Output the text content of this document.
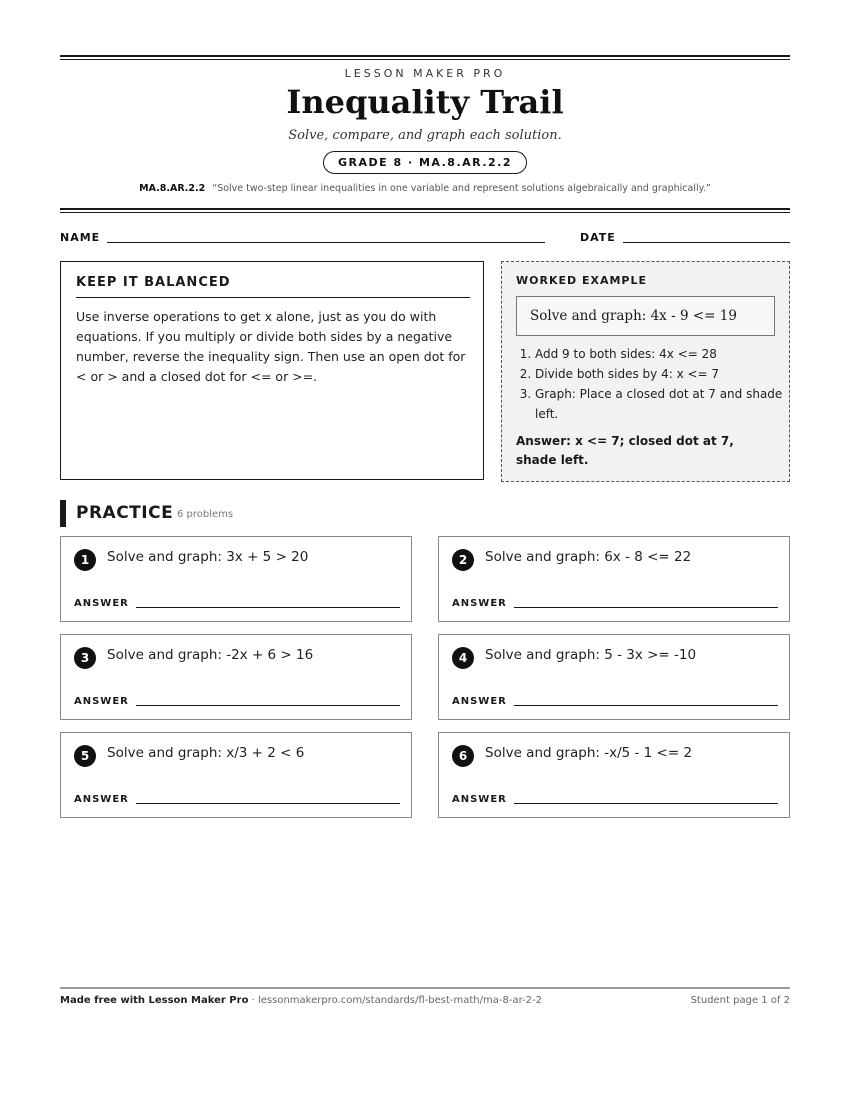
LESSON MAKER PRO
Inequality Trail
Solve, compare, and graph each solution.
GRADE 8 · MA.8.AR.2.2
MA.8.AR.2.2 “Solve two-step linear inequalities in one variable and represent solutions algebraically and graphically.”
NAME	DATE
KEEP IT BALANCED

Use inverse operations to get x alone, just as you do with equations. If you multiply or divide both sides by a negative number, reverse the inequality sign. Then use an open dot for < or > and a closed dot for <= or >=.

WORKED EXAMPLE
Solve and graph: 4x - 9 <= 19
1. Add 9 to both sides: 4x <= 28
2. Divide both sides by 4: x <= 7
3. Graph: Place a closed dot at 7 and shade left.
Answer: x <= 7; closed dot at 7, shade left.
PRACTICE 6 problems
1	Solve and graph: 3x + 5 > 20
ANSWER
2	Solve and graph: 6x - 8 <= 22
ANSWER
3	Solve and graph: -2x + 6 > 16
ANSWER
4	Solve and graph: 5 - 3x >= -10
ANSWER
5	Solve and graph: x/3 + 2 < 6
ANSWER
6	Solve and graph: -x/5 - 1 <= 2
ANSWER
Made free with Lesson Maker Pro · lessonmakerpro.com/standards/fl-best-math/ma-8-ar-2-2	Student page 1 of 2
